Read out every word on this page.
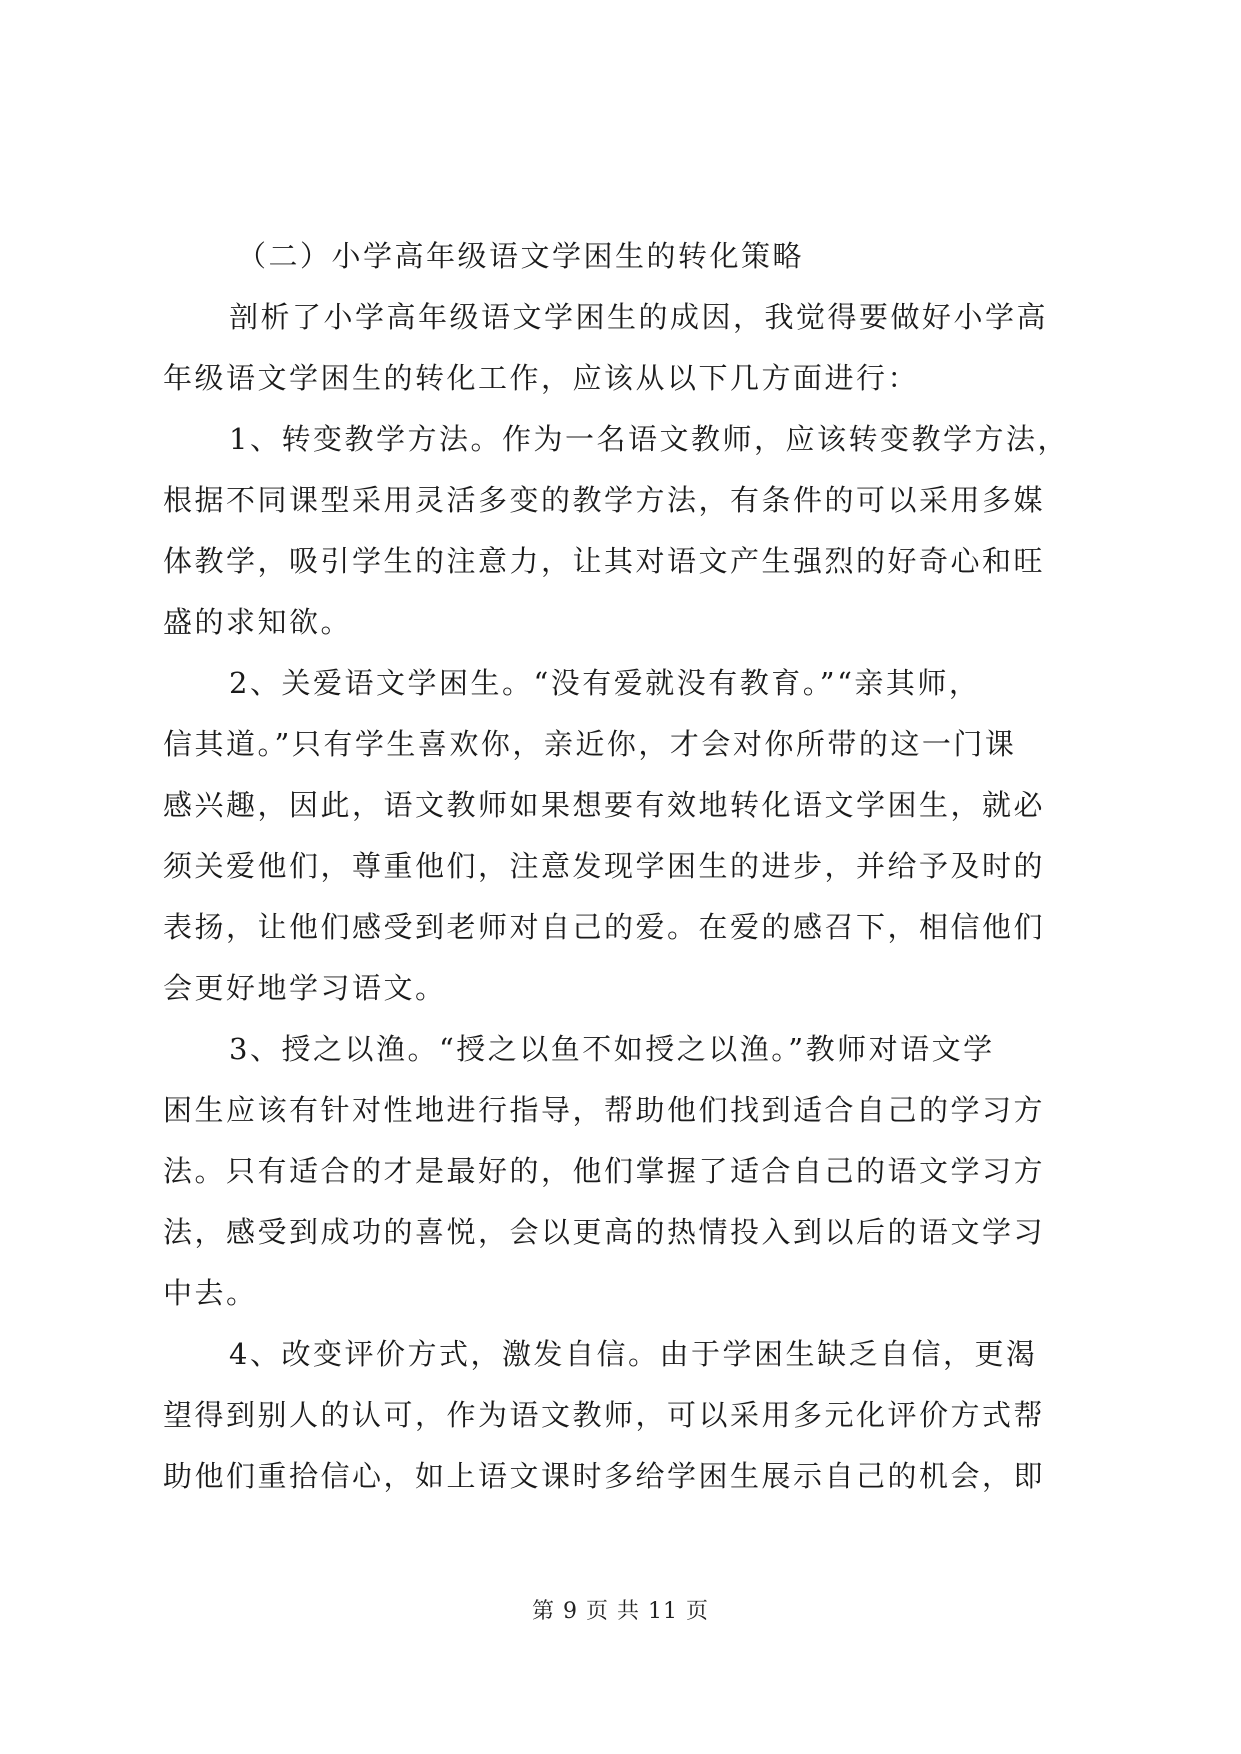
（二）小学高年级语文学困生的转化策略
剖析了小学高年级语文学困生的成因，我觉得要做好小学高
年级语文学困生的转化工作，应该从以下几方面进行：
1、转变教学方法。作为一名语文教师，应该转变教学方法，
根据不同课型采用灵活多变的教学方法，有条件的可以采用多媒
体教学，吸引学生的注意力，让其对语文产生强烈的好奇心和旺
盛的求知欲。
2、关爱语文学困生。“没有爱就没有教育。”“亲其师，
信其道。”只有学生喜欢你，亲近你，才会对你所带的这一门课
感兴趣，因此，语文教师如果想要有效地转化语文学困生，就必
须关爱他们，尊重他们，注意发现学困生的进步，并给予及时的
表扬，让他们感受到老师对自己的爱。在爱的感召下，相信他们
会更好地学习语文。
3、授之以渔。“授之以鱼不如授之以渔。”教师对语文学
困生应该有针对性地进行指导，帮助他们找到适合自己的学习方
法。只有适合的才是最好的，他们掌握了适合自己的语文学习方
法，感受到成功的喜悦，会以更高的热情投入到以后的语文学习
中去。
4、改变评价方式，激发自信。由于学困生缺乏自信，更渴
望得到别人的认可，作为语文教师，可以采用多元化评价方式帮
助他们重拾信心，如上语文课时多给学困生展示自己的机会，即
第 9 页 共 11 页
